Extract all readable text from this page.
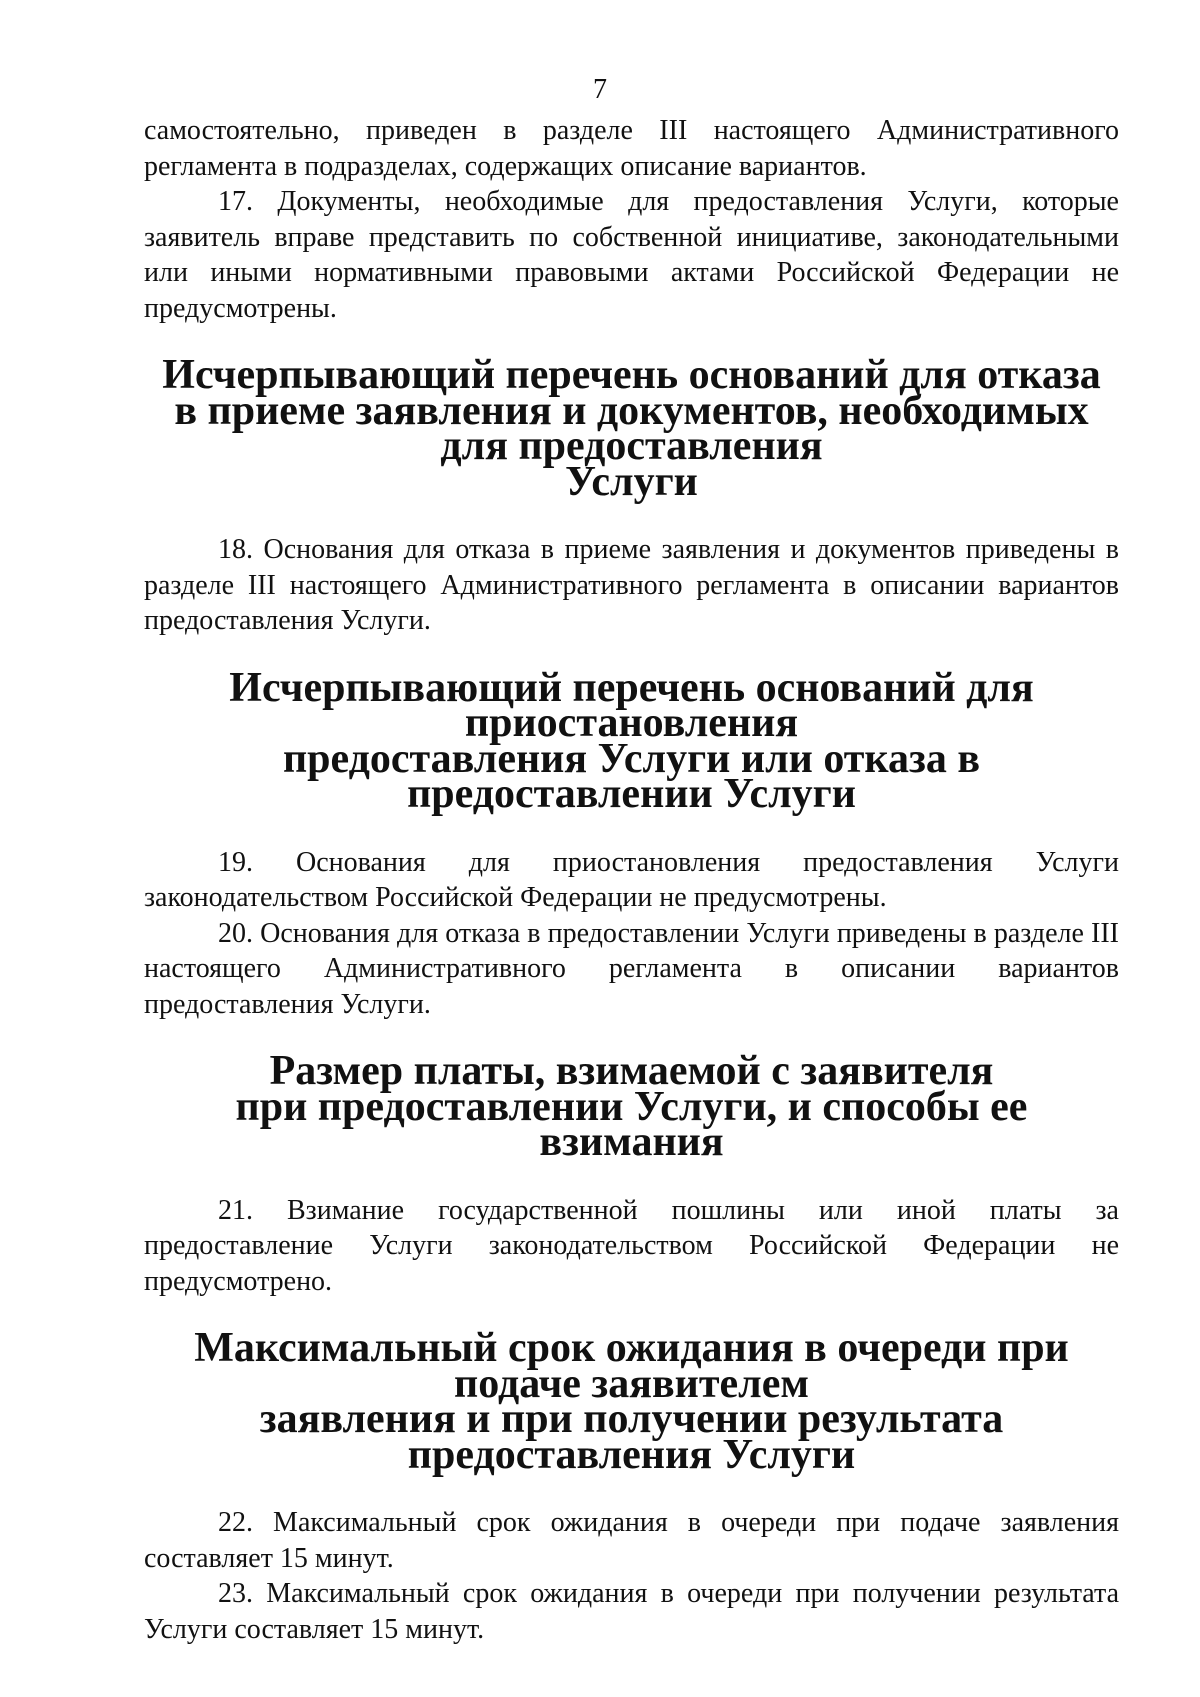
7

самостоятельно, приведен в разделе III настоящего Административного регламента в подразделах, содержащих описание вариантов.

17. Документы, необходимые для предоставления Услуги, которые заявитель вправе представить по собственной инициативе, законодательными или иными нормативными правовыми актами Российской Федерации не предусмотрены.

Исчерпывающий перечень оснований для отказа
в приеме заявления и документов, необходимых для предоставления
Услуги

18. Основания для отказа в приеме заявления и документов приведены в разделе III настоящего Административного регламента в описании вариантов предоставления Услуги.

Исчерпывающий перечень оснований для приостановления
предоставления Услуги или отказа в предоставлении Услуги

19. Основания для приостановления предоставления Услуги законодательством Российской Федерации не предусмотрены.

20. Основания для отказа в предоставлении Услуги приведены в разделе III настоящего Административного регламента в описании вариантов предоставления Услуги.

Размер платы, взимаемой с заявителя
при предоставлении Услуги, и способы ее взимания

21. Взимание государственной пошлины или иной платы за предоставление Услуги законодательством Российской Федерации не предусмотрено.

Максимальный срок ожидания в очереди при подаче заявителем
заявления и при получении результата предоставления Услуги

22. Максимальный срок ожидания в очереди при подаче заявления составляет 15 минут.

23. Максимальный срок ожидания в очереди при получении результата Услуги составляет 15 минут.
